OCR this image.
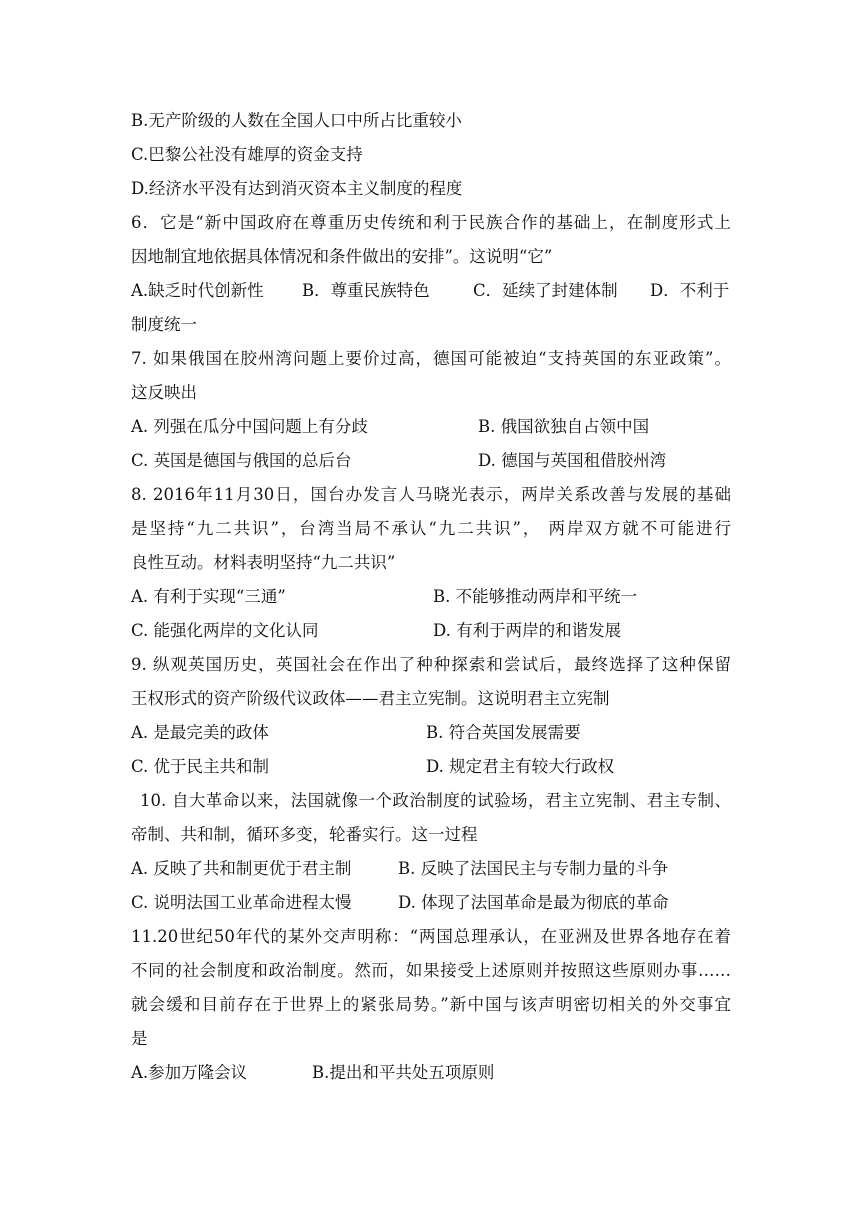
B.无产阶级的人数在全国人口中所占比重较小
C.巴黎公社没有雄厚的资金支持
D.经济水平没有达到消灭资本主义制度的程度
6．它是“新中国政府在尊重历史传统和利于民族合作的基础上，在制度形式上
因地制宜地依据具体情况和条件做出的安排”。这说明“它”
A.缺乏时代创新性 B．尊重民族特色	C．延续了封建体制 D．不利于
制度统一
7. 如果俄国在胶州湾问题上要价过高，德国可能被迫“支持英国的东亚政策”。
这反映出
A. 列强在瓜分中国问题上有分歧	B. 俄国欲独自占领中国
C. 英国是德国与俄国的总后台	D. 德国与英国租借胶州湾
8. 2016年11月30日，国台办发言人马晓光表示，两岸关系改善与发展的基础
是坚持“九二共识”，台湾当局不承认“九二共识”， 两岸双方就不可能进行
良性互动。材料表明坚持“九二共识”
A. 有利于实现“三通”	B. 不能够推动两岸和平统一
C. 能强化两岸的文化认同	D. 有利于两岸的和谐发展
9. 纵观英国历史，英国社会在作出了种种探索和尝试后，最终选择了这种保留
王权形式的资产阶级代议政体——君主立宪制。这说明君主立宪制
A. 是最完美的政体	B. 符合英国发展需要
C. 优于民主共和制	D. 规定君主有较大行政权
10. 自大革命以来，法国就像一个政治制度的试验场，君主立宪制、君主专制、
帝制、共和制，循环多变，轮番实行。这一过程
A. 反映了共和制更优于君主制	B. 反映了法国民主与专制力量的斗争
C. 说明法国工业革命进程太慢	D. 体现了法国革命是最为彻底的革命
11.20世纪50年代的某外交声明称：“两国总理承认，在亚洲及世界各地存在着
不同的社会制度和政治制度。然而，如果接受上述原则并按照这些原则办事……
就会缓和目前存在于世界上的紧张局势。”新中国与该声明密切相关的外交事宜
是
A.参加万隆会议	B.提出和平共处五项原则
